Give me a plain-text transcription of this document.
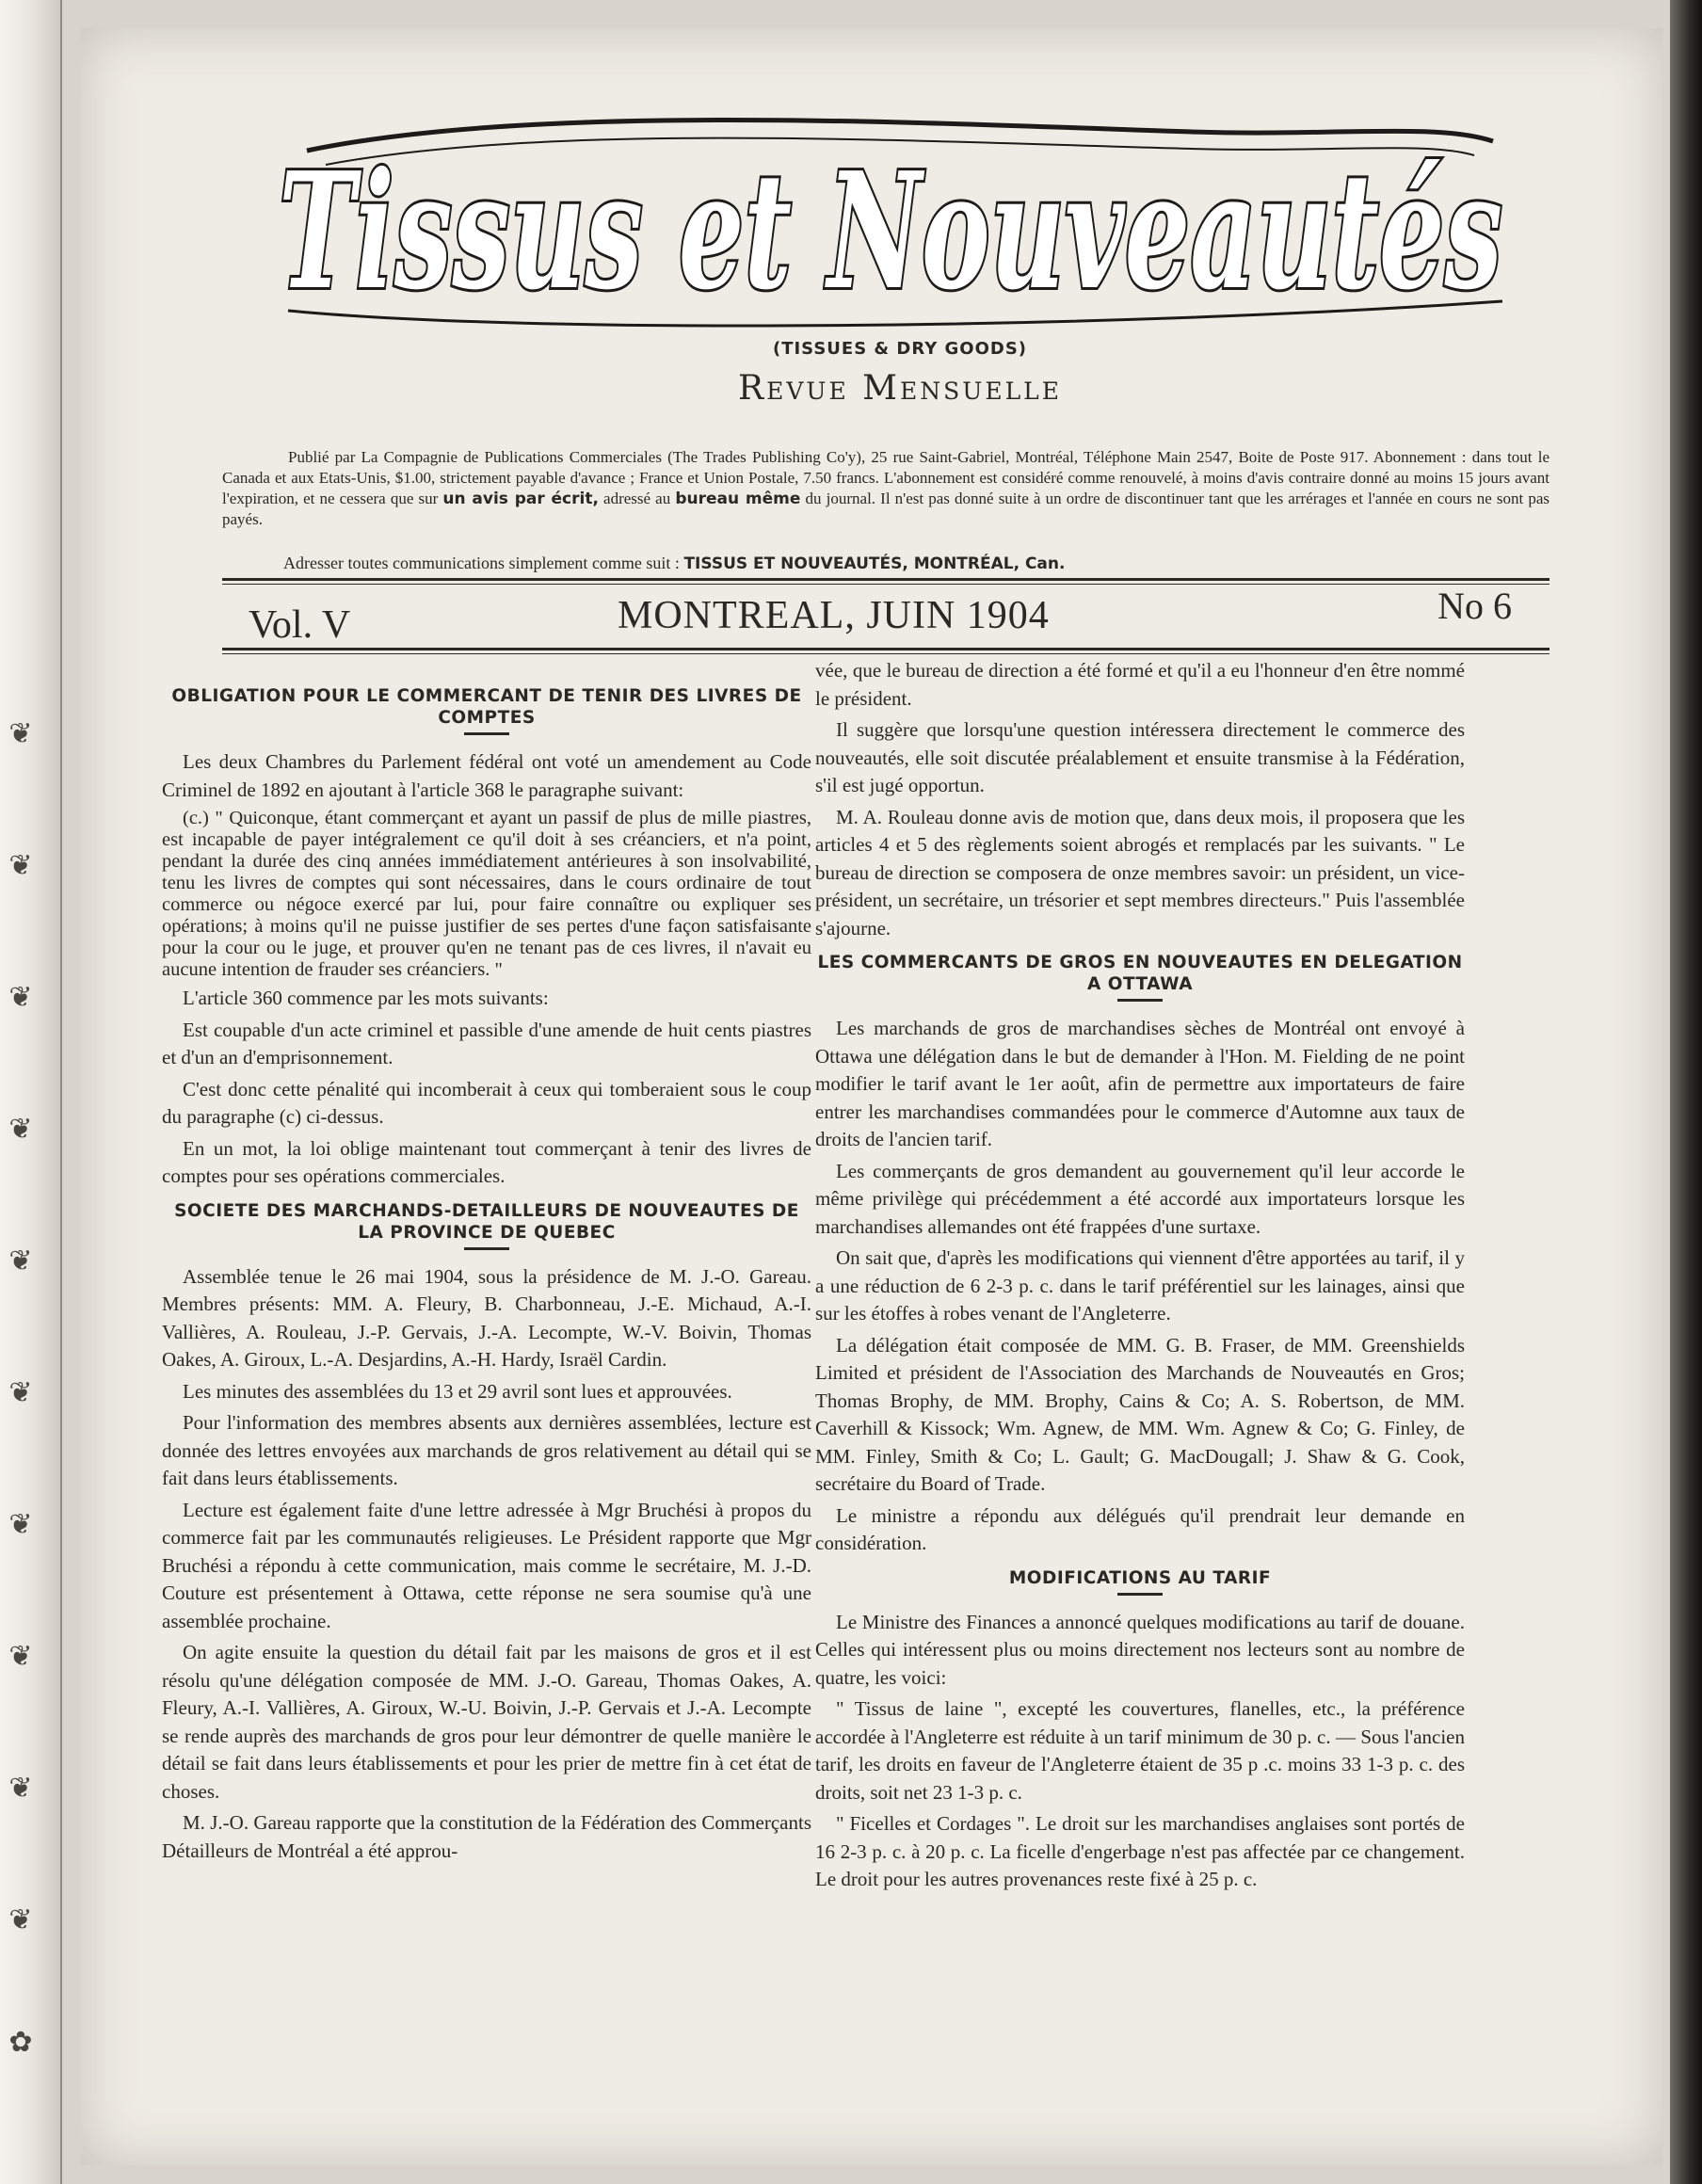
❦
❦
❦
❦
❦
❦
❦
❦
❦
❦
✿
Tissus et Nouveautés
(TISSUES & DRY GOODS)
Revue Mensuelle
Publié par La Compagnie de Publications Commerciales (The Trades Publishing Co'y), 25 rue Saint-Gabriel, Montréal, Téléphone Main 2547, Boite de Poste 917. Abonnement : dans tout le Canada et aux Etats-Unis, $1.00, strictement payable d'avance ; France et Union Postale, 7.50 francs. L'abonnement est considéré comme renouvelé, à moins d'avis contraire donné au moins 15 jours avant l'expiration, et ne cessera que sur un avis par écrit, adressé au bureau même du journal. Il n'est pas donné suite à un ordre de discontinuer tant que les arrérages et l'année en cours ne sont pas payés.
Adresser toutes communications simplement comme suit : TISSUS ET NOUVEAUTÉS, MONTRÉAL, Can.
Vol. V	MONTREAL, JUIN 1904	No 6
OBLIGATION POUR LE COMMERCANT DE TENIR DES LIVRES DE COMPTES

Les deux Chambres du Parlement fédéral ont voté un amendement au Code Criminel de 1892 en ajoutant à l'article 368 le paragraphe suivant:

(c.) " Quiconque, étant commerçant et ayant un passif de plus de mille piastres, est incapable de payer intégralement ce qu'il doit à ses créanciers, et n'a point, pendant la durée des cinq années immédiatement antérieures à son insolvabilité, tenu les livres de comptes qui sont nécessaires, dans le cours ordinaire de tout commerce ou négoce exercé par lui, pour faire connaître ou expliquer ses opérations; à moins qu'il ne puisse justifier de ses pertes d'une façon satisfaisante pour la cour ou le juge, et prouver qu'en ne tenant pas de ces livres, il n'avait eu aucune intention de frauder ses créanciers. "

L'article 360 commence par les mots suivants:

Est coupable d'un acte criminel et passible d'une amende de huit cents piastres et d'un an d'emprisonnement.

C'est donc cette pénalité qui incomberait à ceux qui tomberaient sous le coup du paragraphe (c) ci-dessus.

En un mot, la loi oblige maintenant tout commerçant à tenir des livres de comptes pour ses opérations commerciales.

SOCIETE DES MARCHANDS-DETAILLEURS DE NOUVEAUTES DE LA PROVINCE DE QUEBEC

Assemblée tenue le 26 mai 1904, sous la présidence de M. J.-O. Gareau. Membres présents: MM. A. Fleury, B. Charbonneau, J.-E. Michaud, A.-I. Vallières, A. Rouleau, J.-P. Gervais, J.-A. Lecompte, W.-V. Boivin, Thomas Oakes, A. Giroux, L.-A. Desjardins, A.-H. Hardy, Israël Cardin.

Les minutes des assemblées du 13 et 29 avril sont lues et approuvées.

Pour l'information des membres absents aux dernières assemblées, lecture est donnée des lettres envoyées aux marchands de gros relativement au détail qui se fait dans leurs établissements.

Lecture est également faite d'une lettre adressée à Mgr Bruchési à propos du commerce fait par les communautés religieuses. Le Président rapporte que Mgr Bruchési a répondu à cette communication, mais comme le secrétaire, M. J.-D. Couture est présentement à Ottawa, cette réponse ne sera soumise qu'à une assemblée prochaine.

On agite ensuite la question du détail fait par les maisons de gros et il est résolu qu'une délégation composée de MM. J.-O. Gareau, Thomas Oakes, A. Fleury, A.-I. Vallières, A. Giroux, W.-U. Boivin, J.-P. Gervais et J.-A. Lecompte se rende auprès des marchands de gros pour leur démontrer de quelle manière le détail se fait dans leurs établissements et pour les prier de mettre fin à cet état de choses.

M. J.-O. Gareau rapporte que la constitution de la Fédération des Commerçants Détailleurs de Montréal a été approu-

vée, que le bureau de direction a été formé et qu'il a eu l'honneur d'en être nommé le président.

Il suggère que lorsqu'une question intéressera directement le commerce des nouveautés, elle soit discutée préalablement et ensuite transmise à la Fédération, s'il est jugé opportun.

M. A. Rouleau donne avis de motion que, dans deux mois, il proposera que les articles 4 et 5 des règlements soient abrogés et remplacés par les suivants. " Le bureau de direction se composera de onze membres savoir: un président, un vice-président, un secrétaire, un trésorier et sept membres directeurs." Puis l'assemblée s'ajourne.

LES COMMERCANTS DE GROS EN NOUVEAUTES EN DELEGATION A OTTAWA

Les marchands de gros de marchandises sèches de Montréal ont envoyé à Ottawa une délégation dans le but de demander à l'Hon. M. Fielding de ne point modifier le tarif avant le 1er août, afin de permettre aux importateurs de faire entrer les marchandises commandées pour le commerce d'Automne aux taux de droits de l'ancien tarif.

Les commerçants de gros demandent au gouvernement qu'il leur accorde le même privilège qui précédemment a été accordé aux importateurs lorsque les marchandises allemandes ont été frappées d'une surtaxe.

On sait que, d'après les modifications qui viennent d'être apportées au tarif, il y a une réduction de 6 2-3 p. c. dans le tarif préférentiel sur les lainages, ainsi que sur les étoffes à robes venant de l'Angleterre.

La délégation était composée de MM. G. B. Fraser, de MM. Greenshields Limited et président de l'Association des Marchands de Nouveautés en Gros; Thomas Brophy, de MM. Brophy, Cains & Co; A. S. Robertson, de MM. Caverhill & Kissock; Wm. Agnew, de MM. Wm. Agnew & Co; G. Finley, de MM. Finley, Smith & Co; L. Gault; G. MacDougall; J. Shaw & G. Cook, secrétaire du Board of Trade.

Le ministre a répondu aux délégués qu'il prendrait leur demande en considération.

MODIFICATIONS AU TARIF

Le Ministre des Finances a annoncé quelques modifications au tarif de douane. Celles qui intéressent plus ou moins directement nos lecteurs sont au nombre de quatre, les voici:

" Tissus de laine ", excepté les couvertures, flanelles, etc., la préférence accordée à l'Angleterre est réduite à un tarif minimum de 30 p. c. — Sous l'ancien tarif, les droits en faveur de l'Angleterre étaient de 35 p .c. moins 33 1-3 p. c. des droits, soit net 23 1-3 p. c.

" Ficelles et Cordages ". Le droit sur les marchandises anglaises sont portés de 16 2-3 p. c. à 20 p. c. La ficelle d'engerbage n'est pas affectée par ce changement. Le droit pour les autres provenances reste fixé à 25 p. c.
